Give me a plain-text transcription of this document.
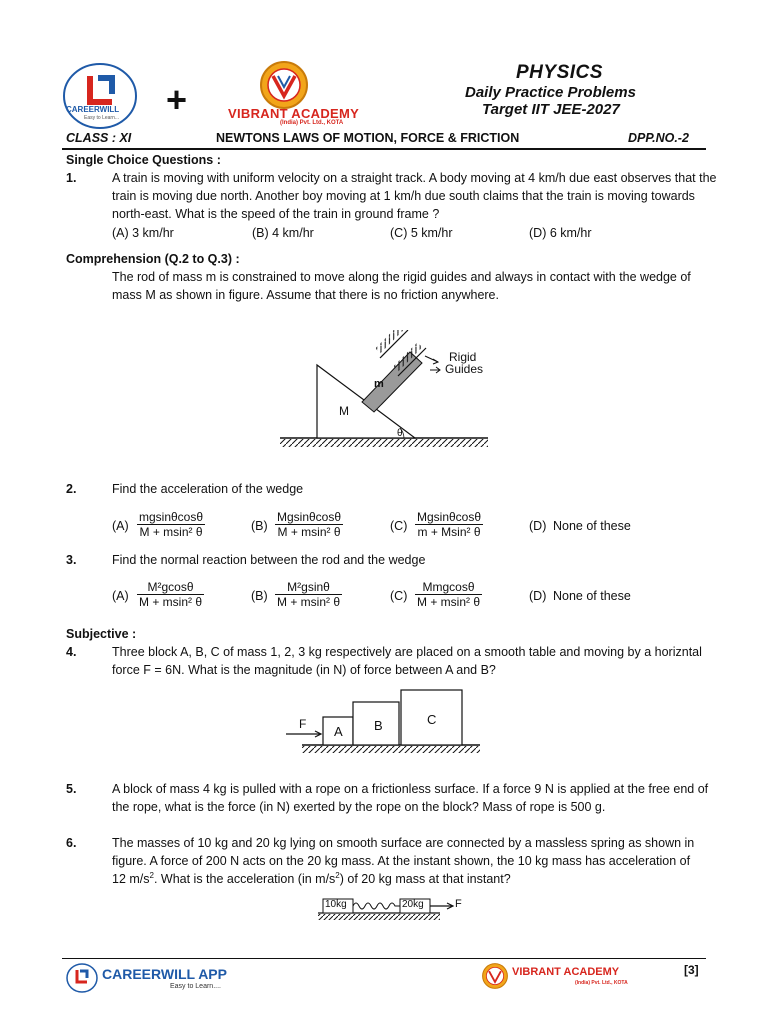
CAREERWILL
Easy to Learn... +	VIBRANT ACADEMY
(India) Pvt. Ltd., KOTA
PHYSICS
Daily Practice Problems
Target IIT JEE-2027
CLASS : XI	NEWTONS LAWS OF MOTION, FORCE & FRICTION	DPP.NO.-2
Single Choice Questions :
1.	A train is moving with uniform velocity on a straight track. A body moving at 4 km/h due east observes that the
train is moving due north. Another boy moving at 1 km/h due south claims that the train is moving towards
north-east. What is the speed of the train in ground frame ?
(A) 3 km/hr	(B) 4 km/hr	(C) 5 km/hr	(D) 6 km/hr
Comprehension (Q.2 to Q.3) :
The rod of mass m is constrained to move along the rigid guides and always in contact with the wedge of
mass M as shown in figure. Assume that there is no friction anywhere.
M
m
θ
Rigid
Guides
2.	Find the acceleration of the wedge
$(A) \frac{mgsin\theta\cos\theta}{\text{M + msin² θ}}$	$(B) \frac{Mgsin\theta\cos\theta}{\text{M + msin² θ}}$	$(C) \frac{Mgsin\theta\cos\theta}{\text{m + Msin² θ}}$	(D) None of these
3.	Find the normal reaction between the rod and the wedge
$(A) \frac{\text{M²gcosθ}}{\text{M + msin² θ}}$	$(B) \frac{\text{M²gsinθ}}{\text{M + msin² θ}}$	(C)
Mmgcosθ
M + msin² θ	(D) None of these
Subjective :
4.	Three block A, B, C of mass 1, 2, 3 kg respectively are placed on a smooth table and moving by a horizntal
force F = 6N. What is the magnitude (in N) of force between A and B?
F A B	C
5.	A block of mass 4 kg is pulled with a rope on a frictionless surface. If a force 9 N is applied at the free end of
the rope, what is the force (in N) exerted by the rope on the block? Mass of rope is 500 g.
6.	The masses of 10 kg and 20 kg lying on smooth surface are connected by a massless spring as shown in
figure. A force of 200 N acts on the 20 kg mass. At the instant shown, the 10 kg mass has acceleration of
12 $m/s^2$. What is the acceleration (in $m/s^2$) of 20 kg mass at that instant?
10kg	20kg	F
CAREERWILL APP
Easy to Learn....
VIBRANT ACADEMY
(India) Pvt. Ltd., KOTA
[3]
